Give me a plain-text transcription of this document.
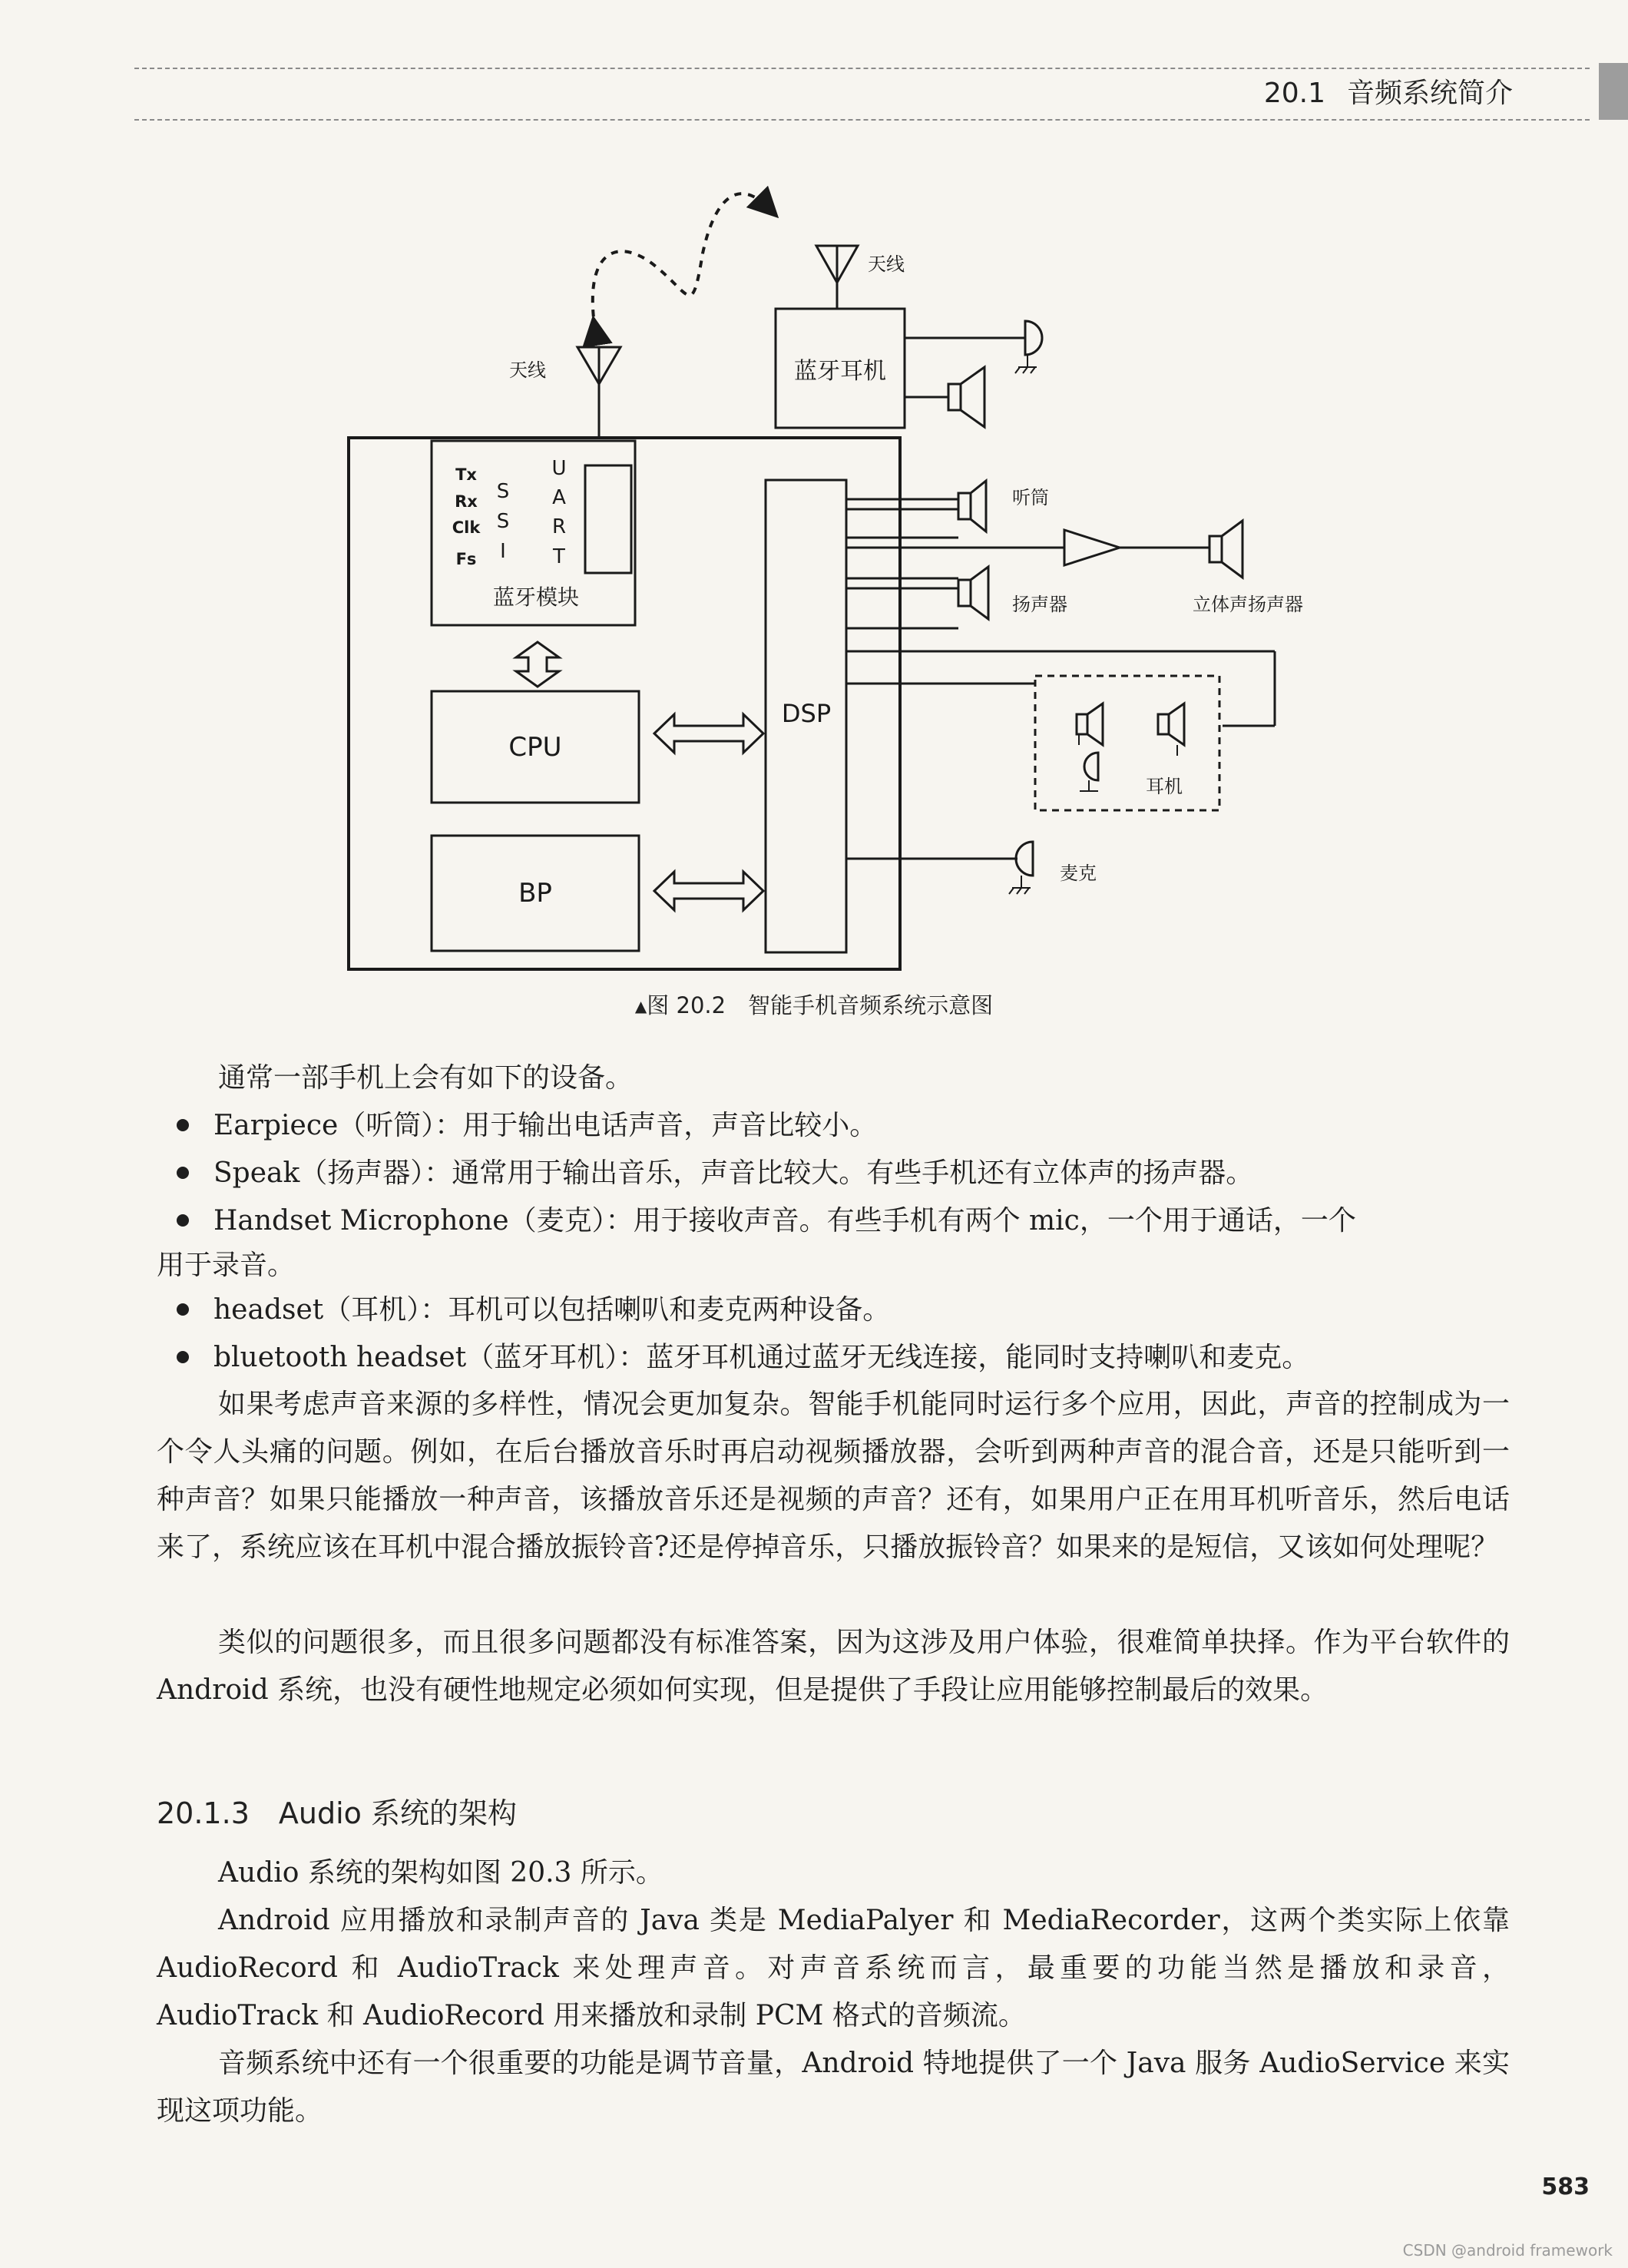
20.1 音频系统简介
天线
天线
蓝牙耳机
Tx
Rx
Clk
Fs
S
S
I
U
A
R
T
蓝牙模块
CPU
BP
DSP
听筒
立体声扬声器
扬声器
耳机
麦克
▲图 20.2　智能手机音频系统示意图
通常一部手机上会有如下的设备。
Earpiece（听筒）：用于输出电话声音，声音比较小。
Speak（扬声器）：通常用于输出音乐，声音比较大。有些手机还有立体声的扬声器。
Handset Microphone（麦克）：用于接收声音。有些手机有两个 mic，一个用于通话，一个
用于录音。
headset（耳机）：耳机可以包括喇叭和麦克两种设备。
bluetooth headset（蓝牙耳机）：蓝牙耳机通过蓝牙无线连接，能同时支持喇叭和麦克。

如果考虑声音来源的多样性，情况会更加复杂。智能手机能同时运行多个应用，因此，声音的控制成为一个令人头痛的问题。例如，在后台播放音乐时再启动视频播放器，会听到两种声音的混合音，还是只能听到一种声音？如果只能播放一种声音，该播放音乐还是视频的声音？还有，如果用户正在用耳机听音乐，然后电话来了，系统应该在耳机中混合播放振铃音?还是停掉音乐，只播放振铃音？如果来的是短信，又该如何处理呢？

类似的问题很多，而且很多问题都没有标准答案，因为这涉及用户体验，很难简单抉择。作为平台软件的 Android 系统，也没有硬性地规定必须如何实现，但是提供了手段让应用能够控制最后的效果。

20.1.3　Audio 系统的架构

Audio 系统的架构如图 20.3 所示。

Android 应用播放和录制声音的 Java 类是 MediaPalyer 和 MediaRecorder，这两个类实际上依靠 AudioRecord 和 AudioTrack 来处理声音。对声音系统而言，最重要的功能当然是播放和录音，AudioTrack 和 AudioRecord 用来播放和录制 PCM 格式的音频流。

音频系统中还有一个很重要的功能是调节音量，Android 特地提供了一个 Java 服务 AudioService 来实现这项功能。

583
CSDN @android framework
